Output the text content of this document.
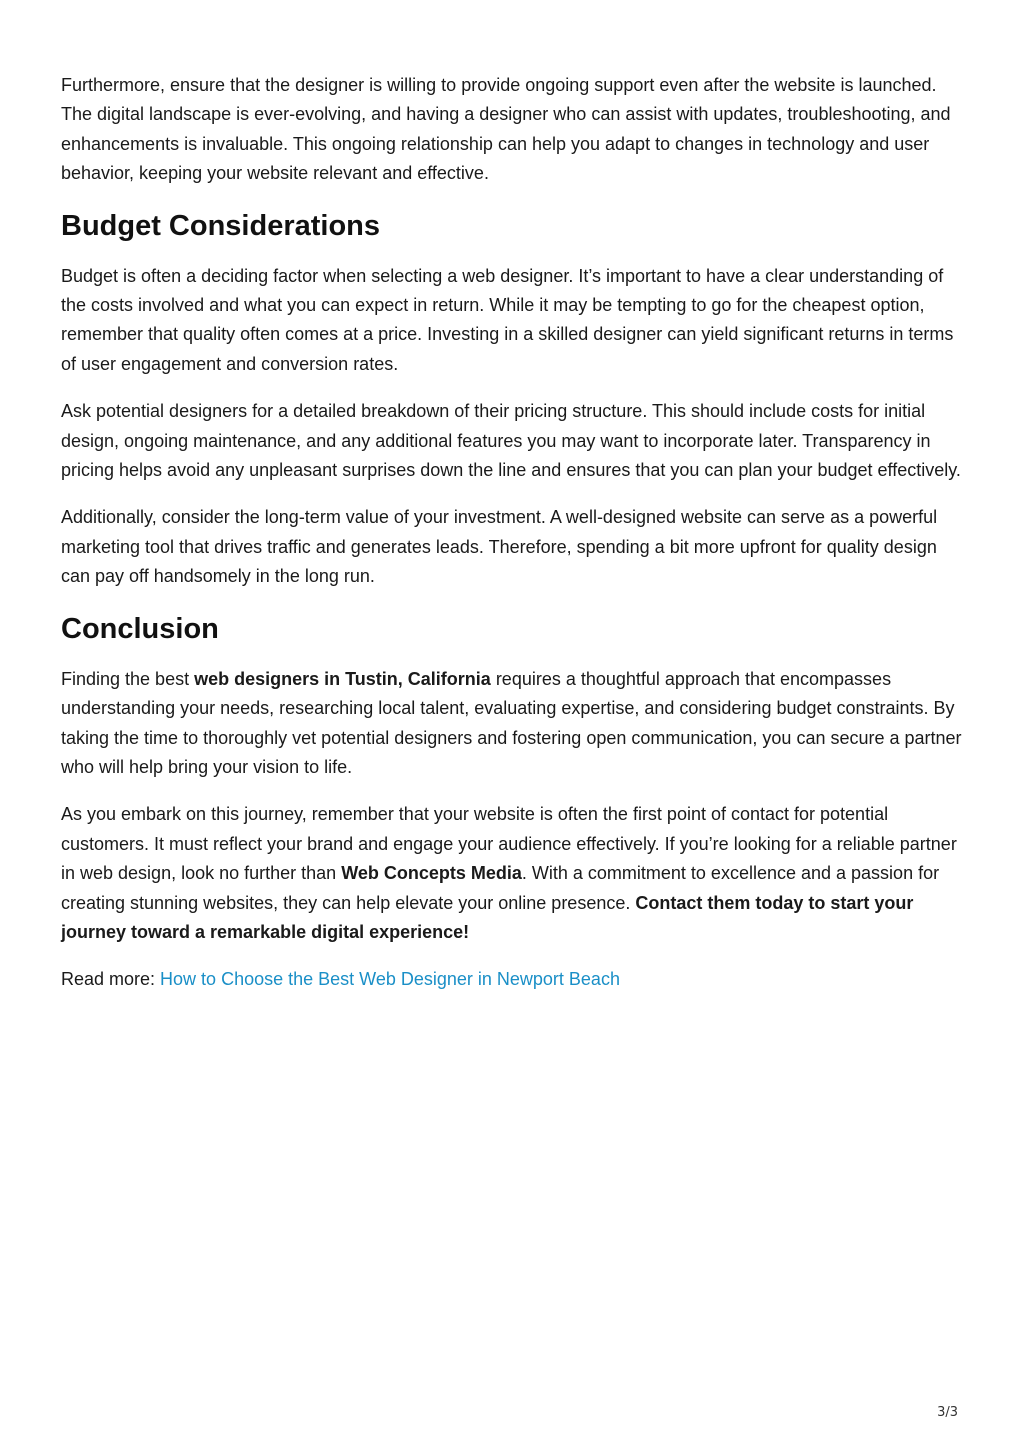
Furthermore, ensure that the designer is willing to provide ongoing support even after the website is launched. The digital landscape is ever-evolving, and having a designer who can assist with updates, troubleshooting, and enhancements is invaluable. This ongoing relationship can help you adapt to changes in technology and user behavior, keeping your website relevant and effective.

Budget Considerations

Budget is often a deciding factor when selecting a web designer. It’s important to have a clear understanding of the costs involved and what you can expect in return. While it may be tempting to go for the cheapest option, remember that quality often comes at a price. Investing in a skilled designer can yield significant returns in terms of user engagement and conversion rates.

Ask potential designers for a detailed breakdown of their pricing structure. This should include costs for initial design, ongoing maintenance, and any additional features you may want to incorporate later. Transparency in pricing helps avoid any unpleasant surprises down the line and ensures that you can plan your budget effectively.

Additionally, consider the long-term value of your investment. A well-designed website can serve as a powerful marketing tool that drives traffic and generates leads. Therefore, spending a bit more upfront for quality design can pay off handsomely in the long run.

Conclusion

Finding the best web designers in Tustin, California requires a thoughtful approach that encompasses understanding your needs, researching local talent, evaluating expertise, and considering budget constraints. By taking the time to thoroughly vet potential designers and fostering open communication, you can secure a partner who will help bring your vision to life.

As you embark on this journey, remember that your website is often the first point of contact for potential customers. It must reflect your brand and engage your audience effectively. If you’re looking for a reliable partner in web design, look no further than Web Concepts Media. With a commitment to excellence and a passion for creating stunning websites, they can help elevate your online presence. Contact them today to start your journey toward a remarkable digital experience!

Read more: How to Choose the Best Web Designer in Newport Beach

3/3
